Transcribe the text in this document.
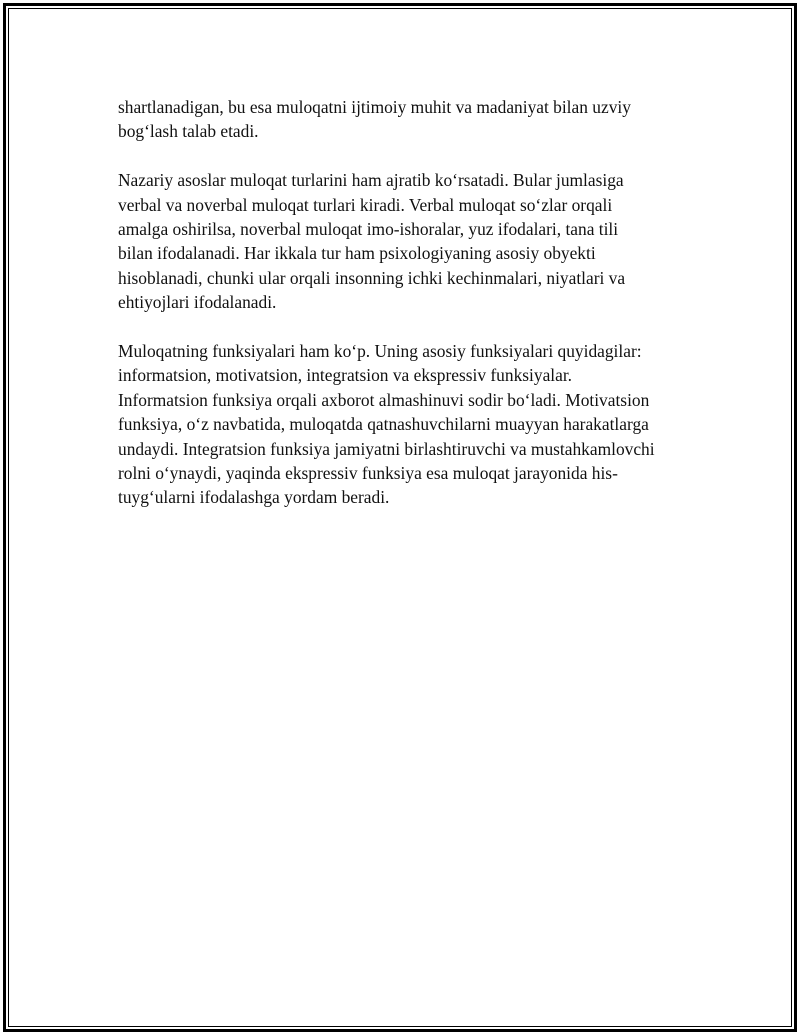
shartlanadigan, bu esa muloqatni ijtimoiy muhit va madaniyat bilan uzviy
bog‘lash talab etadi.

Nazariy asoslar muloqat turlarini ham ajratib ko‘rsatadi. Bular jumlasiga
verbal va noverbal muloqat turlari kiradi. Verbal muloqat so‘zlar orqali
amalga oshirilsa, noverbal muloqat imo-ishoralar, yuz ifodalari, tana tili
bilan ifodalanadi. Har ikkala tur ham psixologiyaning asosiy obyekti
hisoblanadi, chunki ular orqali insonning ichki kechinmalari, niyatlari va
ehtiyojlari ifodalanadi.

Muloqatning funksiyalari ham ko‘p. Uning asosiy funksiyalari quyidagilar:
informatsion, motivatsion, integratsion va ekspressiv funksiyalar.
Informatsion funksiya orqali axborot almashinuvi sodir bo‘ladi. Motivatsion
funksiya, o‘z navbatida, muloqatda qatnashuvchilarni muayyan harakatlarga
undaydi. Integratsion funksiya jamiyatni birlashtiruvchi va mustahkamlovchi
rolni o‘ynaydi, yaqinda ekspressiv funksiya esa muloqat jarayonida his-
tuyg‘ularni ifodalashga yordam beradi.
